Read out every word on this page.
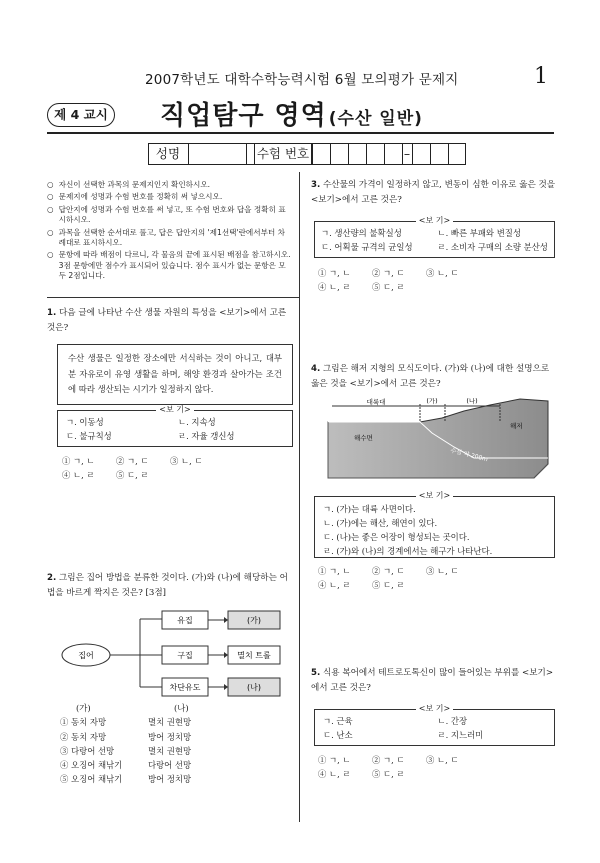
2007학년도 대학수학능력시험 6월 모의평가 문제지	1
제 4 교시 직업탐구 영역 (수산 일반)
성명	수험 번호	–
○ 자신이 선택한 과목의 문제지인지 확인하시오.
○ 문제지에 성명과 수험 번호를 정확히 써 넣으시오.
○ 답안지에 성명과 수험 번호를 써 넣고, 또 수험 번호와 답을 정확히 표시하시오.
○ 과목을 선택한 순서대로 풀고, 답은 답안지의 '제1선택'란에서부터 차례대로 표시하시오.
○ 문항에 따라 배점이 다르니, 각 물음의 끝에 표시된 배점을 참고하시오. 3점 문항에만 점수가 표시되어 있습니다. 점수 표시가 없는 문항은 모두 2점입니다.
1. 다음 글에 나타난 수산 생물 자원의 특성을 <보기>에서 고른 것은?
수산 생물은 일정한 장소에만 서식하는 것이 아니고, 대부분 자유로이 유영 생활을 하며, 해양 환경과 살아가는 조건에 따라 생산되는 시기가 일정하지 않다.
<보 기>
ㄱ. 이동성	ㄴ. 지속성
ㄷ. 불규칙성	ㄹ. 자율 갱신성
① ㄱ, ㄴ	② ㄱ, ㄷ	③ ㄴ, ㄷ
④ ㄴ, ㄹ	⑤ ㄷ, ㄹ
2. 그림은 집어 방법을 분류한 것이다. (가)와 (나)에 해당하는 어법을 바르게 짝지은 것은? [3점]
집어
유집
구집
차단유도
(가)
멸치 트롤
(나)
(가)	(나)
① 동치 자망	멸치 권현망
② 동치 자망	방어 정치망
③ 다랑어 선망	멸치 권현망
④ 오징어 채낚기	다랑어 선망
⑤ 오징어 채낚기	방어 정치망
3. 수산물의 가격이 일정하지 않고, 변동이 심한 이유로 옳은 것을 <보기>에서 고른 것은?
<보 기>
ㄱ. 생산량의 불확실성	ㄴ. 빠른 부패와 변질성
ㄷ. 어획물 규격의 균일성	ㄹ. 소비자 구매의 소량 분산성
① ㄱ, ㄴ	② ㄱ, ㄷ	③ ㄴ, ㄷ
④ ㄴ, ㄹ	⑤ ㄷ, ㄹ
4. 그림은 해저 지형의 모식도이다. (가)와 (나)에 대한 설명으로 옳은 것을 <보기>에서 고른 것은?
대륙대	(가)	(나)
해수면
해저
수심 약 200m
<보 기>
ㄱ. (가)는 대륙 사면이다.
ㄴ. (가)에는 해산, 해연이 있다.
ㄷ. (나)는 좋은 어장이 형성되는 곳이다.
ㄹ. (가)와 (나)의 경계에서는 해구가 나타난다.
① ㄱ, ㄴ	② ㄱ, ㄷ	③ ㄴ, ㄷ
④ ㄴ, ㄹ	⑤ ㄷ, ㄹ
5. 식용 복어에서 테트로도톡신이 많이 들어있는 부위를 <보기>에서 고른 것은?
<보 기>
ㄱ. 근육	ㄴ. 간장
ㄷ. 난소	ㄹ. 지느러미
① ㄱ, ㄴ	② ㄱ, ㄷ	③ ㄴ, ㄷ
④ ㄴ, ㄹ	⑤ ㄷ, ㄹ
